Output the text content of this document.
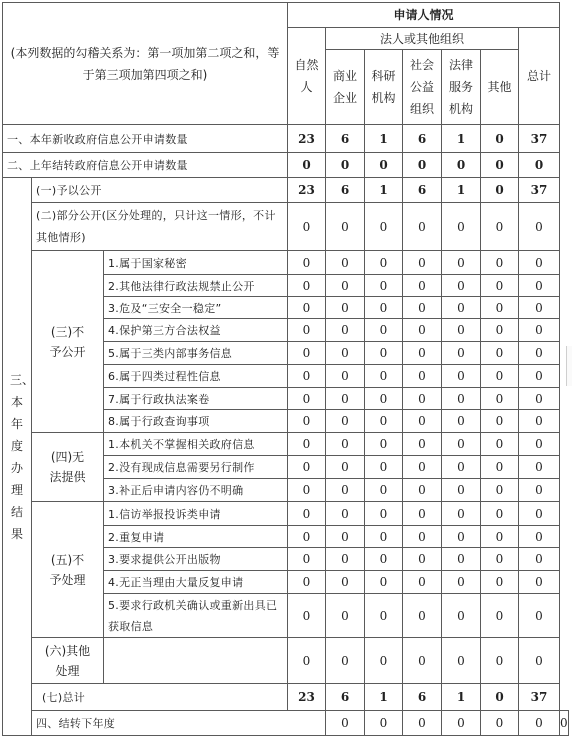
(本列数据的勾稽关系为：第一项加第二项之和，等于第三项加第四项之和)			申请人情况							

			自然人	法人或其他组织					总计	

				商业企业	科研机构	社会公益组织	法律服务机构	其他		
一、本年新收政府信息公开申请数量			23	6	1	6	1	0	37	
二、上年结转政府信息公开申请数量			0	0	0	0	0	0	0	

三、本年度办理结果	(一)予以公开		23	6	1	6	1	0	37	
	(二)部分公开(区分处理的，只计这一情形，不计其他情形)		0	0	0	0	0	0	0	

	(三)不予公开	1.属于国家秘密	0	0	0	0	0	0	0	
		2.其他法律行政法规禁止公开	0	0	0	0	0	0	0	
		3.危及“三安全一稳定”	0	0	0	0	0	0	0	
		4.保护第三方合法权益	0	0	0	0	0	0	0	
		5.属于三类内部事务信息	0	0	0	0	0	0	0	
		6.属于四类过程性信息	0	0	0	0	0	0	0	
		7.属于行政执法案卷	0	0	0	0	0	0	0	
		8.属于行政查询事项	0	0	0	0	0	0	0	

	(四)无法提供	1.本机关不掌握相关政府信息	0	0	0	0	0	0	0	
		2.没有现成信息需要另行制作	0	0	0	0	0	0	0	
		3.补正后申请内容仍不明确	0	0	0	0	0	0	0	

	(五)不予处理	1.信访举报投诉类申请	0	0	0	0	0	0	0	
		2.重复申请	0	0	0	0	0	0	0	
		3.要求提供公开出版物	0	0	0	0	0	0	0	
		4.无正当理由大量反复申请	0	0	0	0	0	0	0	
		5.要求行政机关确认或重新出具已获取信息	0	0	0	0	0	0	0	

	(六)其他处理		0	0	0	0	0	0	0	
	(七)总计		23	6	1	6	1	0	37	
	四、结转下年度			0	0	0	0	0	0	0
